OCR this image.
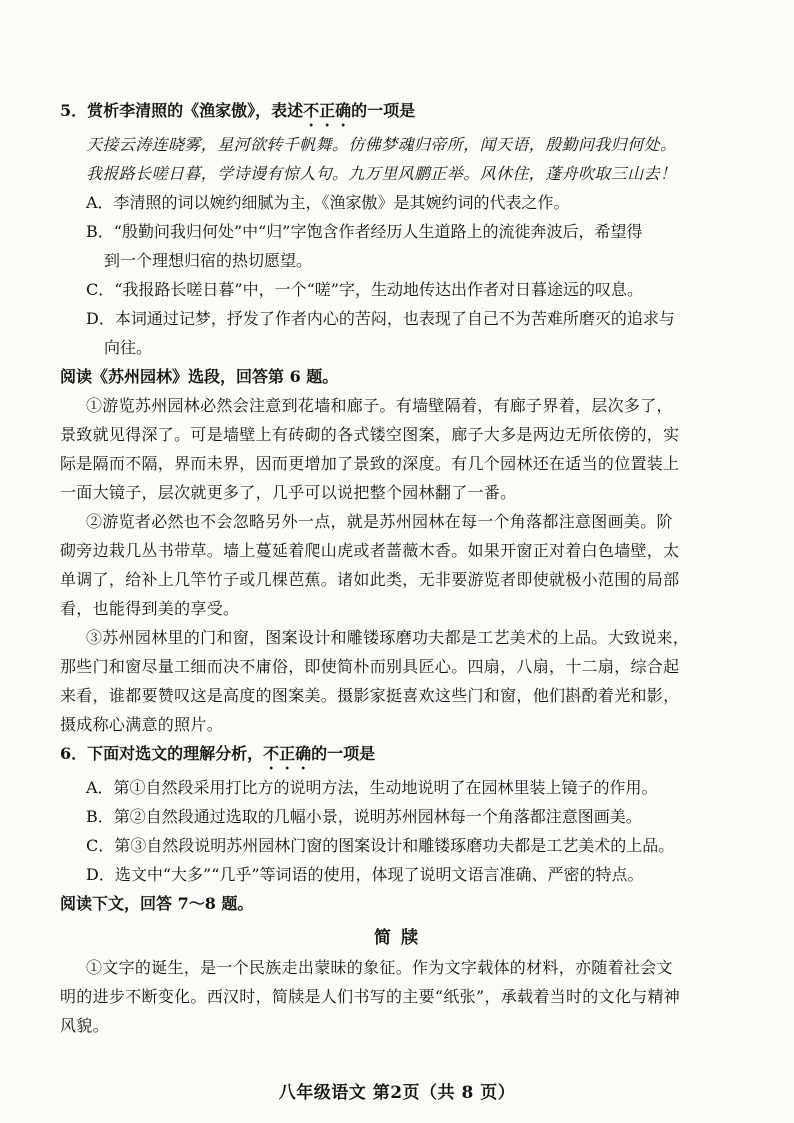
5．赏析李清照的《渔家傲》，表述不正确的一项是
天接云涛连晓雾，星河欲转千帆舞。仿佛梦魂归帝所，闻天语，殷勤问我归何处。
我报路长嗟日暮，学诗谩有惊人句。九万里风鹏正举。风休住，蓬舟吹取三山去！
A．李清照的词以婉约细腻为主，《渔家傲》是其婉约词的代表之作。
B．“殷勤问我归何处”中“归”字饱含作者经历人生道路上的流徙奔波后，希望得
到一个理想归宿的热切愿望。
C．“我报路长嗟日暮”中，一个“嗟”字，生动地传达出作者对日暮途远的叹息。
D．本词通过记梦，抒发了作者内心的苦闷，也表现了自己不为苦难所磨灭的追求与
向往。
阅读《苏州园林》选段，回答第 6 题。
①游览苏州园林必然会注意到花墙和廊子。有墙壁隔着，有廊子界着，层次多了，
景致就见得深了。可是墙壁上有砖砌的各式镂空图案，廊子大多是两边无所依傍的，实
际是隔而不隔，界而未界，因而更增加了景致的深度。有几个园林还在适当的位置装上
一面大镜子，层次就更多了，几乎可以说把整个园林翻了一番。
②游览者必然也不会忽略另外一点，就是苏州园林在每一个角落都注意图画美。阶
砌旁边栽几丛书带草。墙上蔓延着爬山虎或者蔷薇木香。如果开窗正对着白色墙壁，太
单调了，给补上几竿竹子或几棵芭蕉。诸如此类，无非要游览者即使就极小范围的局部
看，也能得到美的享受。
③苏州园林里的门和窗，图案设计和雕镂琢磨功夫都是工艺美术的上品。大致说来，
那些门和窗尽量工细而决不庸俗，即使简朴而别具匠心。四扇，八扇，十二扇，综合起
来看，谁都要赞叹这是高度的图案美。摄影家挺喜欢这些门和窗，他们斟酌着光和影，
摄成称心满意的照片。
6．下面对选文的理解分析，不正确的一项是
A．第①自然段采用打比方的说明方法，生动地说明了在园林里装上镜子的作用。
B．第②自然段通过选取的几幅小景，说明苏州园林每一个角落都注意图画美。
C．第③自然段说明苏州园林门窗的图案设计和雕镂琢磨功夫都是工艺美术的上品。
D．选文中“大多”“几乎”等词语的使用，体现了说明文语言准确、严密的特点。
阅读下文，回答 7～8 题。
简牍
①文字的诞生，是一个民族走出蒙昧的象征。作为文字载体的材料，亦随着社会文
明的进步不断变化。西汉时，简牍是人们书写的主要“纸张”，承载着当时的文化与精神
风貌。
八年级语文 第2页（共 8 页）
